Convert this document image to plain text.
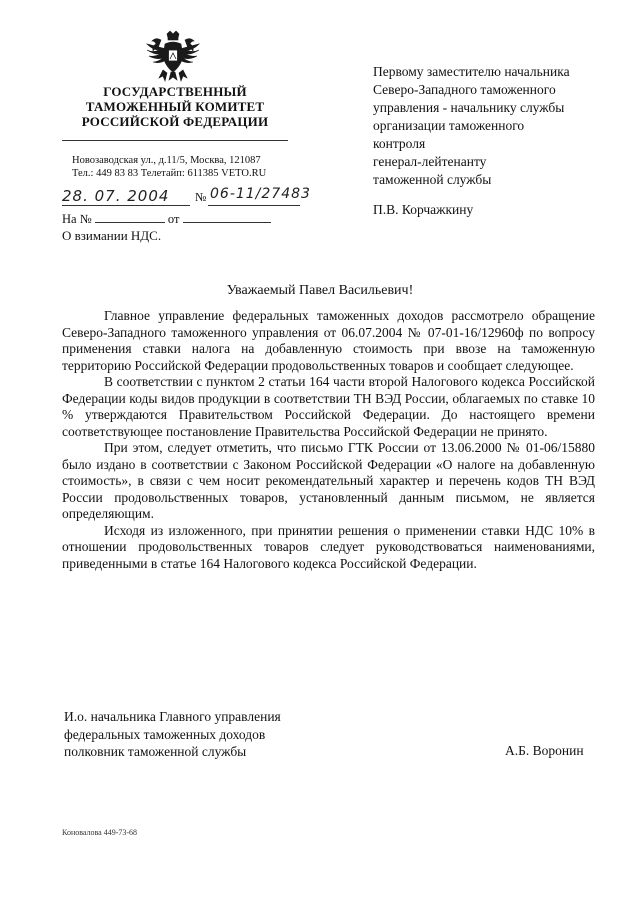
ГОСУДАРСТВЕННЫЙ
ТАМОЖЕННЫЙ КОМИТЕТ
РОССИЙСКОЙ ФЕДЕРАЦИИ
Новозаводская ул., д.11/5, Москва, 121087
Тел.: 449 83 83 Телетайп: 611385 VETO.RU
28. 07. 2004 № 06-11/27483
На №	от
О взимании НДС.
Первому заместителю начальника
Северо-Западного таможенного
управления - начальнику службы
организации таможенного
контроля
генерал-лейтенанту
таможенной службы
П.В. Корчажкину
Уважаемый Павел Васильевич!

Главное управление федеральных таможенных доходов рассмотрело обращение Северо-Западного таможенного управления от 06.07.2004 № 07-01-16/12960ф по вопросу применения ставки налога на добавленную стоимость при ввозе на таможенную территорию Российской Федерации продовольственных товаров и сообщает следующее.

В соответствии с пунктом 2 статьи 164 части второй Налогового кодекса Российской Федерации коды видов продукции в соответствии ТН ВЭД России, облагаемых по ставке 10 % утверждаются Правительством Российской Федерации. До настоящего времени соответствующее постановление Правительства Российской Федерации не принято.

При этом, следует отметить, что письмо ГТК России от 13.06.2000 № 01-06/15880 было издано в соответствии с Законом Российской Федерации «О налоге на добавленную стоимость», в связи с чем носит рекомендательный характер и перечень кодов ТН ВЭД России продовольственных товаров, установленный данным письмом, не является определяющим.

Исходя из изложенного, при принятии решения о применении ставки НДС 10% в отношении продовольственных товаров следует руководствоваться наименованиями, приведенными в статье 164 Налогового кодекса Российской Федерации.

И.о. начальника Главного управления
федеральных таможенных доходов
полковник таможенной службы	А.Б. Воронин
Коновалова 449-73-68
